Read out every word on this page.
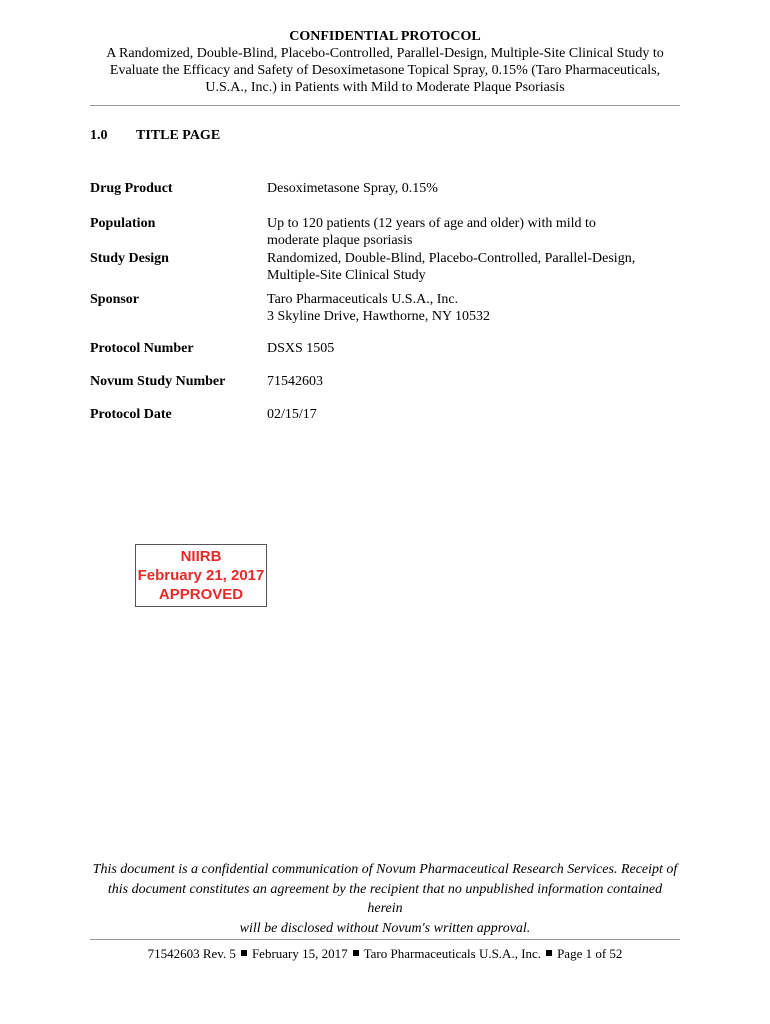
CONFIDENTIAL PROTOCOL
A Randomized, Double-Blind, Placebo-Controlled, Parallel-Design, Multiple-Site Clinical Study to
Evaluate the Efficacy and Safety of Desoximetasone Topical Spray, 0.15% (Taro Pharmaceuticals,
U.S.A., Inc.) in Patients with Mild to Moderate Plaque Psoriasis
1.0 TITLE PAGE
Drug Product	Desoximetasone Spray, 0.15%
Population	Up to 120 patients (12 years of age and older) with mild to
moderate plaque psoriasis
Study Design	Randomized, Double-Blind, Placebo-Controlled, Parallel-Design,
Multiple-Site Clinical Study
Sponsor	Taro Pharmaceuticals U.S.A., Inc.
3 Skyline Drive, Hawthorne, NY 10532
Protocol Number	DSXS 1505
Novum Study Number	71542603
Protocol Date	02/15/17
NIIRB
February 21, 2017
APPROVED
This document is a confidential communication of Novum Pharmaceutical Research Services. Receipt of
this document constitutes an agreement by the recipient that no unpublished information contained herein
will be disclosed without Novum's written approval.
71542603 Rev. 5 February 15, 2017 Taro Pharmaceuticals U.S.A., Inc. Page 1 of 52
